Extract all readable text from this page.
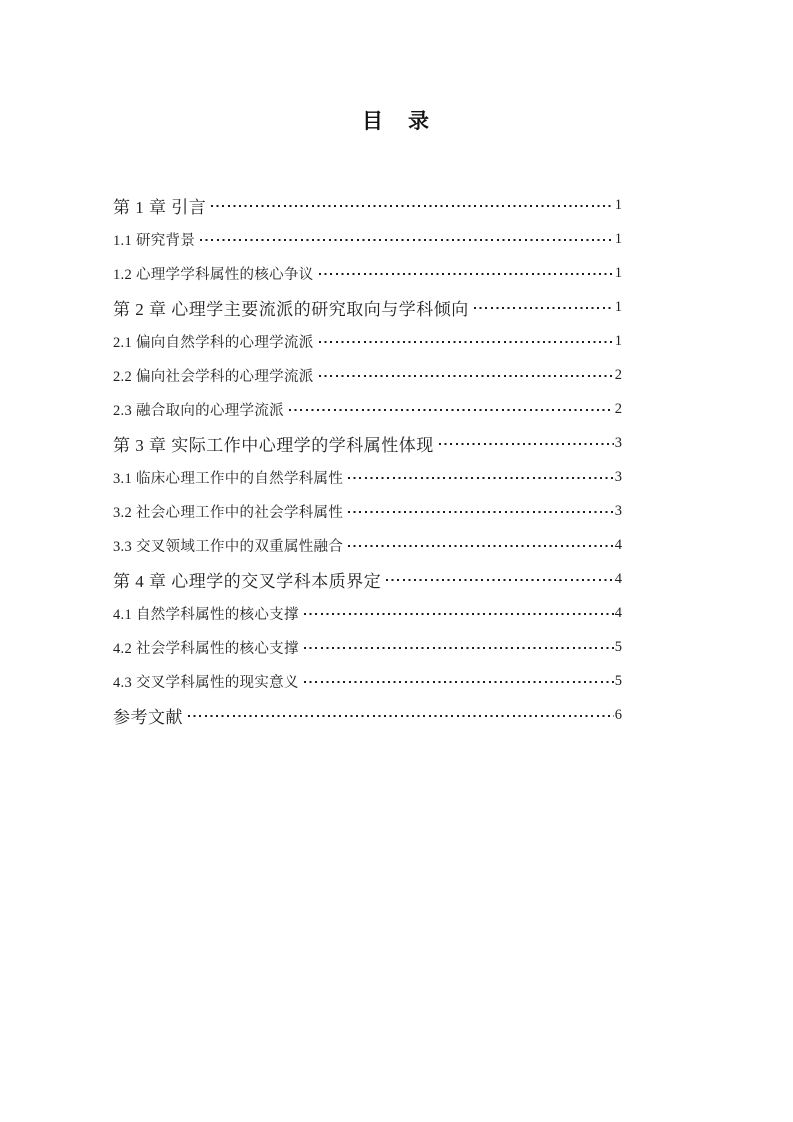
目　录
第 1 章 引言	1
1.1 研究背景	1
1.2 心理学学科属性的核心争议	1
第 2 章 心理学主要流派的研究取向与学科倾向	1
2.1 偏向自然学科的心理学流派	1
2.2 偏向社会学科的心理学流派	2
2.3 融合取向的心理学流派	2
第 3 章 实际工作中心理学的学科属性体现	3
3.1 临床心理工作中的自然学科属性	3
3.2 社会心理工作中的社会学科属性	3
3.3 交叉领域工作中的双重属性融合	4
第 4 章 心理学的交叉学科本质界定	4
4.1 自然学科属性的核心支撑	4
4.2 社会学科属性的核心支撑	5
4.3 交叉学科属性的现实意义	5
参考文献	6
